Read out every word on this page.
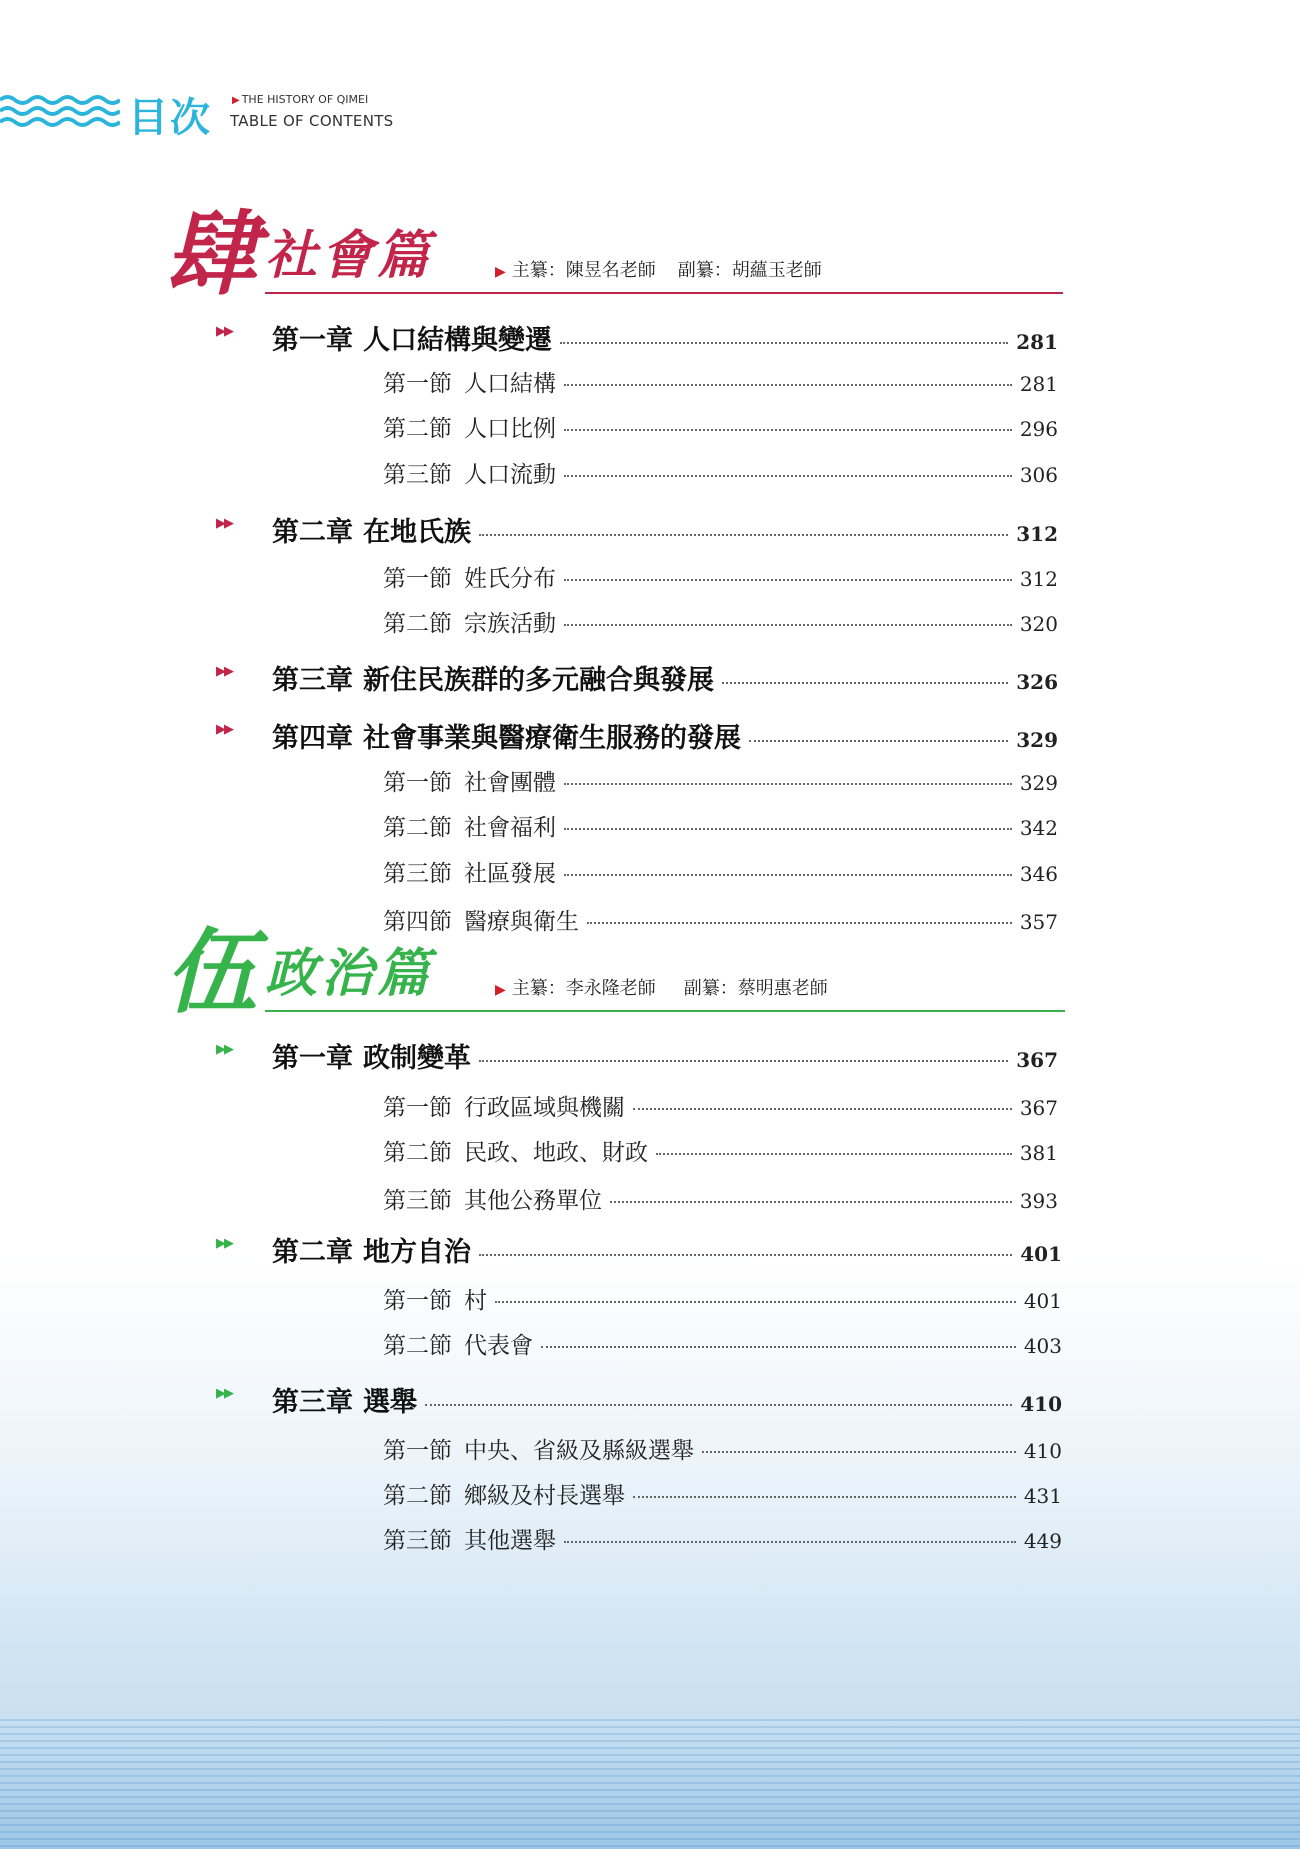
目次 ▶ THE HISTORY OF QIMEI
TABLE OF CONTENTS
肆 社會篇	▶ 主纂：陳昱名老師 副纂：胡蘊玉老師
伍 政治篇	▶ 主纂：李永隆老師 副纂：蔡明惠老師
▶▶ 第一章 人口結構與變遷	281
第一節 人口結構	281
第二節 人口比例	296
第三節 人口流動	306
▶▶ 第二章 在地氏族	312
第一節 姓氏分布	312
第二節 宗族活動	320
▶▶ 第三章 新住民族群的多元融合與發展	326
▶▶ 第四章 社會事業與醫療衛生服務的發展	329
第一節 社會團體	329
第二節 社會福利	342
第三節 社區發展	346
第四節 醫療與衛生	357
▶▶ 第一章 政制變革	367
第一節 行政區域與機關	367
第二節 民政、地政、財政	381
第三節 其他公務單位	393
▶▶ 第二章 地方自治	401
第一節 村	401
第二節 代表會	403
▶▶ 第三章 選舉	410
第一節 中央、省級及縣級選舉	410
第二節 鄉級及村長選舉	431
第三節 其他選舉	449
